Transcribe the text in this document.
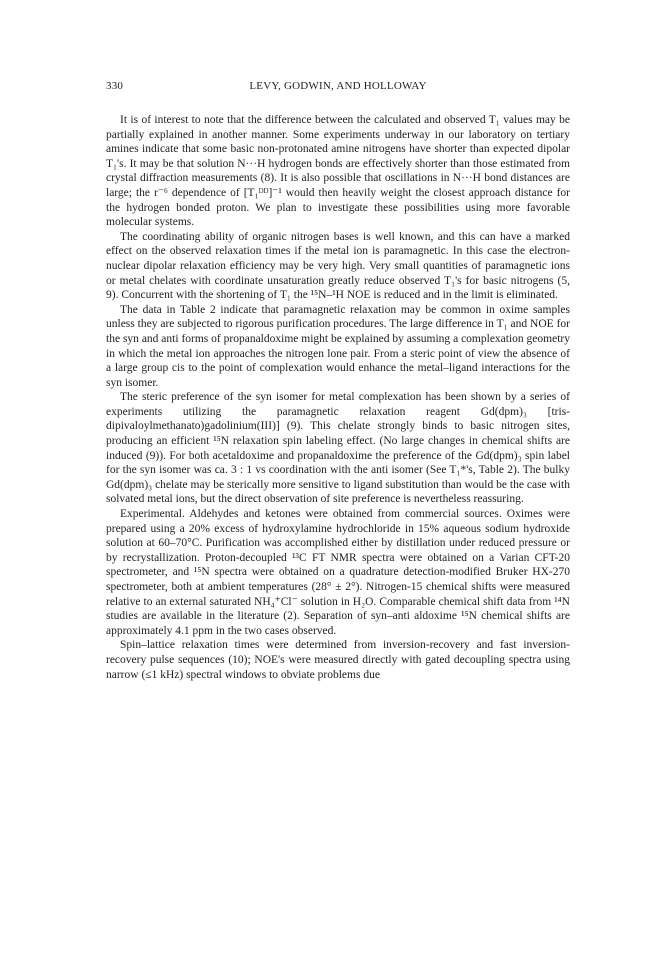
LEVY, GODWIN, AND HOLLOWAY
330

It is of interest to note that the difference between the calculated and observed T₁ values may be partially explained in another manner. Some experiments underway in our laboratory on tertiary amines indicate that some basic non-protonated amine nitrogens have shorter than expected dipolar T₁'s. It may be that solution N···H hydrogen bonds are effectively shorter than those estimated from crystal diffraction measurements (8). It is also possible that oscillations in N···H bond distances are large; the r⁻⁶ dependence of [T₁ᴰᴰ]⁻¹ would then heavily weight the closest approach distance for the hydrogen bonded proton. We plan to investigate these possibilities using more favorable molecular systems.

The coordinating ability of organic nitrogen bases is well known, and this can have a marked effect on the observed relaxation times if the metal ion is paramagnetic. In this case the electron-nuclear dipolar relaxation efficiency may be very high. Very small quantities of paramagnetic ions or metal chelates with coordinate unsaturation greatly reduce observed T₁'s for basic nitrogens (5, 9). Concurrent with the shortening of T₁ the ¹⁵N–¹H NOE is reduced and in the limit is eliminated.

The data in Table 2 indicate that paramagnetic relaxation may be common in oxime samples unless they are subjected to rigorous purification procedures. The large difference in T₁ and NOE for the syn and anti forms of propanaldoxime might be explained by assuming a complexation geometry in which the metal ion approaches the nitrogen lone pair. From a steric point of view the absence of a large group cis to the point of complexation would enhance the metal–ligand interactions for the syn isomer.

The steric preference of the syn isomer for metal complexation has been shown by a series of experiments utilizing the paramagnetic relaxation reagent Gd(dpm)₃ [tris-dipivaloylmethanato)gadolinium(III)] (9). This chelate strongly binds to basic nitrogen sites, producing an efficient ¹⁵N relaxation spin labeling effect. (No large changes in chemical shifts are induced (9)). For both acetaldoxime and propanaldoxime the preference of the Gd(dpm)₃ spin label for the syn isomer was ca. 3 : 1 vs coordination with the anti isomer (See T₁*'s, Table 2). The bulky Gd(dpm)₃ chelate may be sterically more sensitive to ligand substitution than would be the case with solvated metal ions, but the direct observation of site preference is nevertheless reassuring.

Experimental. Aldehydes and ketones were obtained from commercial sources. Oximes were prepared using a 20% excess of hydroxylamine hydrochloride in 15% aqueous sodium hydroxide solution at 60–70°C. Purification was accomplished either by distillation under reduced pressure or by recrystallization. Proton-decoupled ¹³C FT NMR spectra were obtained on a Varian CFT-20 spectrometer, and ¹⁵N spectra were obtained on a quadrature detection-modified Bruker HX-270 spectrometer, both at ambient temperatures (28° ± 2°). Nitrogen-15 chemical shifts were measured relative to an external saturated NH₄⁺Cl⁻ solution in H₂O. Comparable chemical shift data from ¹⁴N studies are available in the literature (2). Separation of syn–anti aldoxime ¹⁵N chemical shifts are approximately 4.1 ppm in the two cases observed.

Spin–lattice relaxation times were determined from inversion-recovery and fast inversion-recovery pulse sequences (10); NOE's were measured directly with gated decoupling spectra using narrow (≤1 kHz) spectral windows to obviate problems due
